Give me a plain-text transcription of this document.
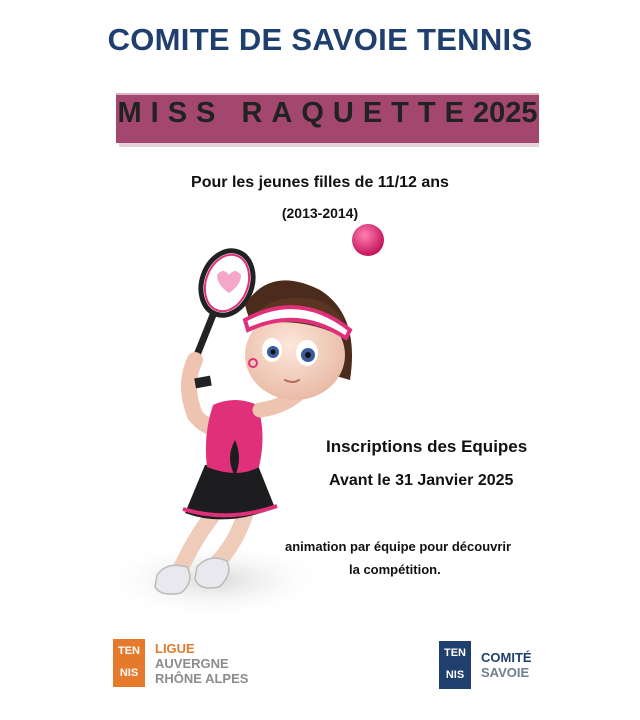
COMITE DE SAVOIE TENNIS
MISS RAQUETTE2025
Pour les jeunes filles de 11/12 ans
(2013-2014)
Inscriptions des Equipes
Avant le 31 Janvier 2025
animation par équipe pour découvrir
la compétition.
TEN
NIS
LIGUE
AUVERGNE
RHÔNE ALPES
TEN
NIS
COMITÉ
SAVOIE
